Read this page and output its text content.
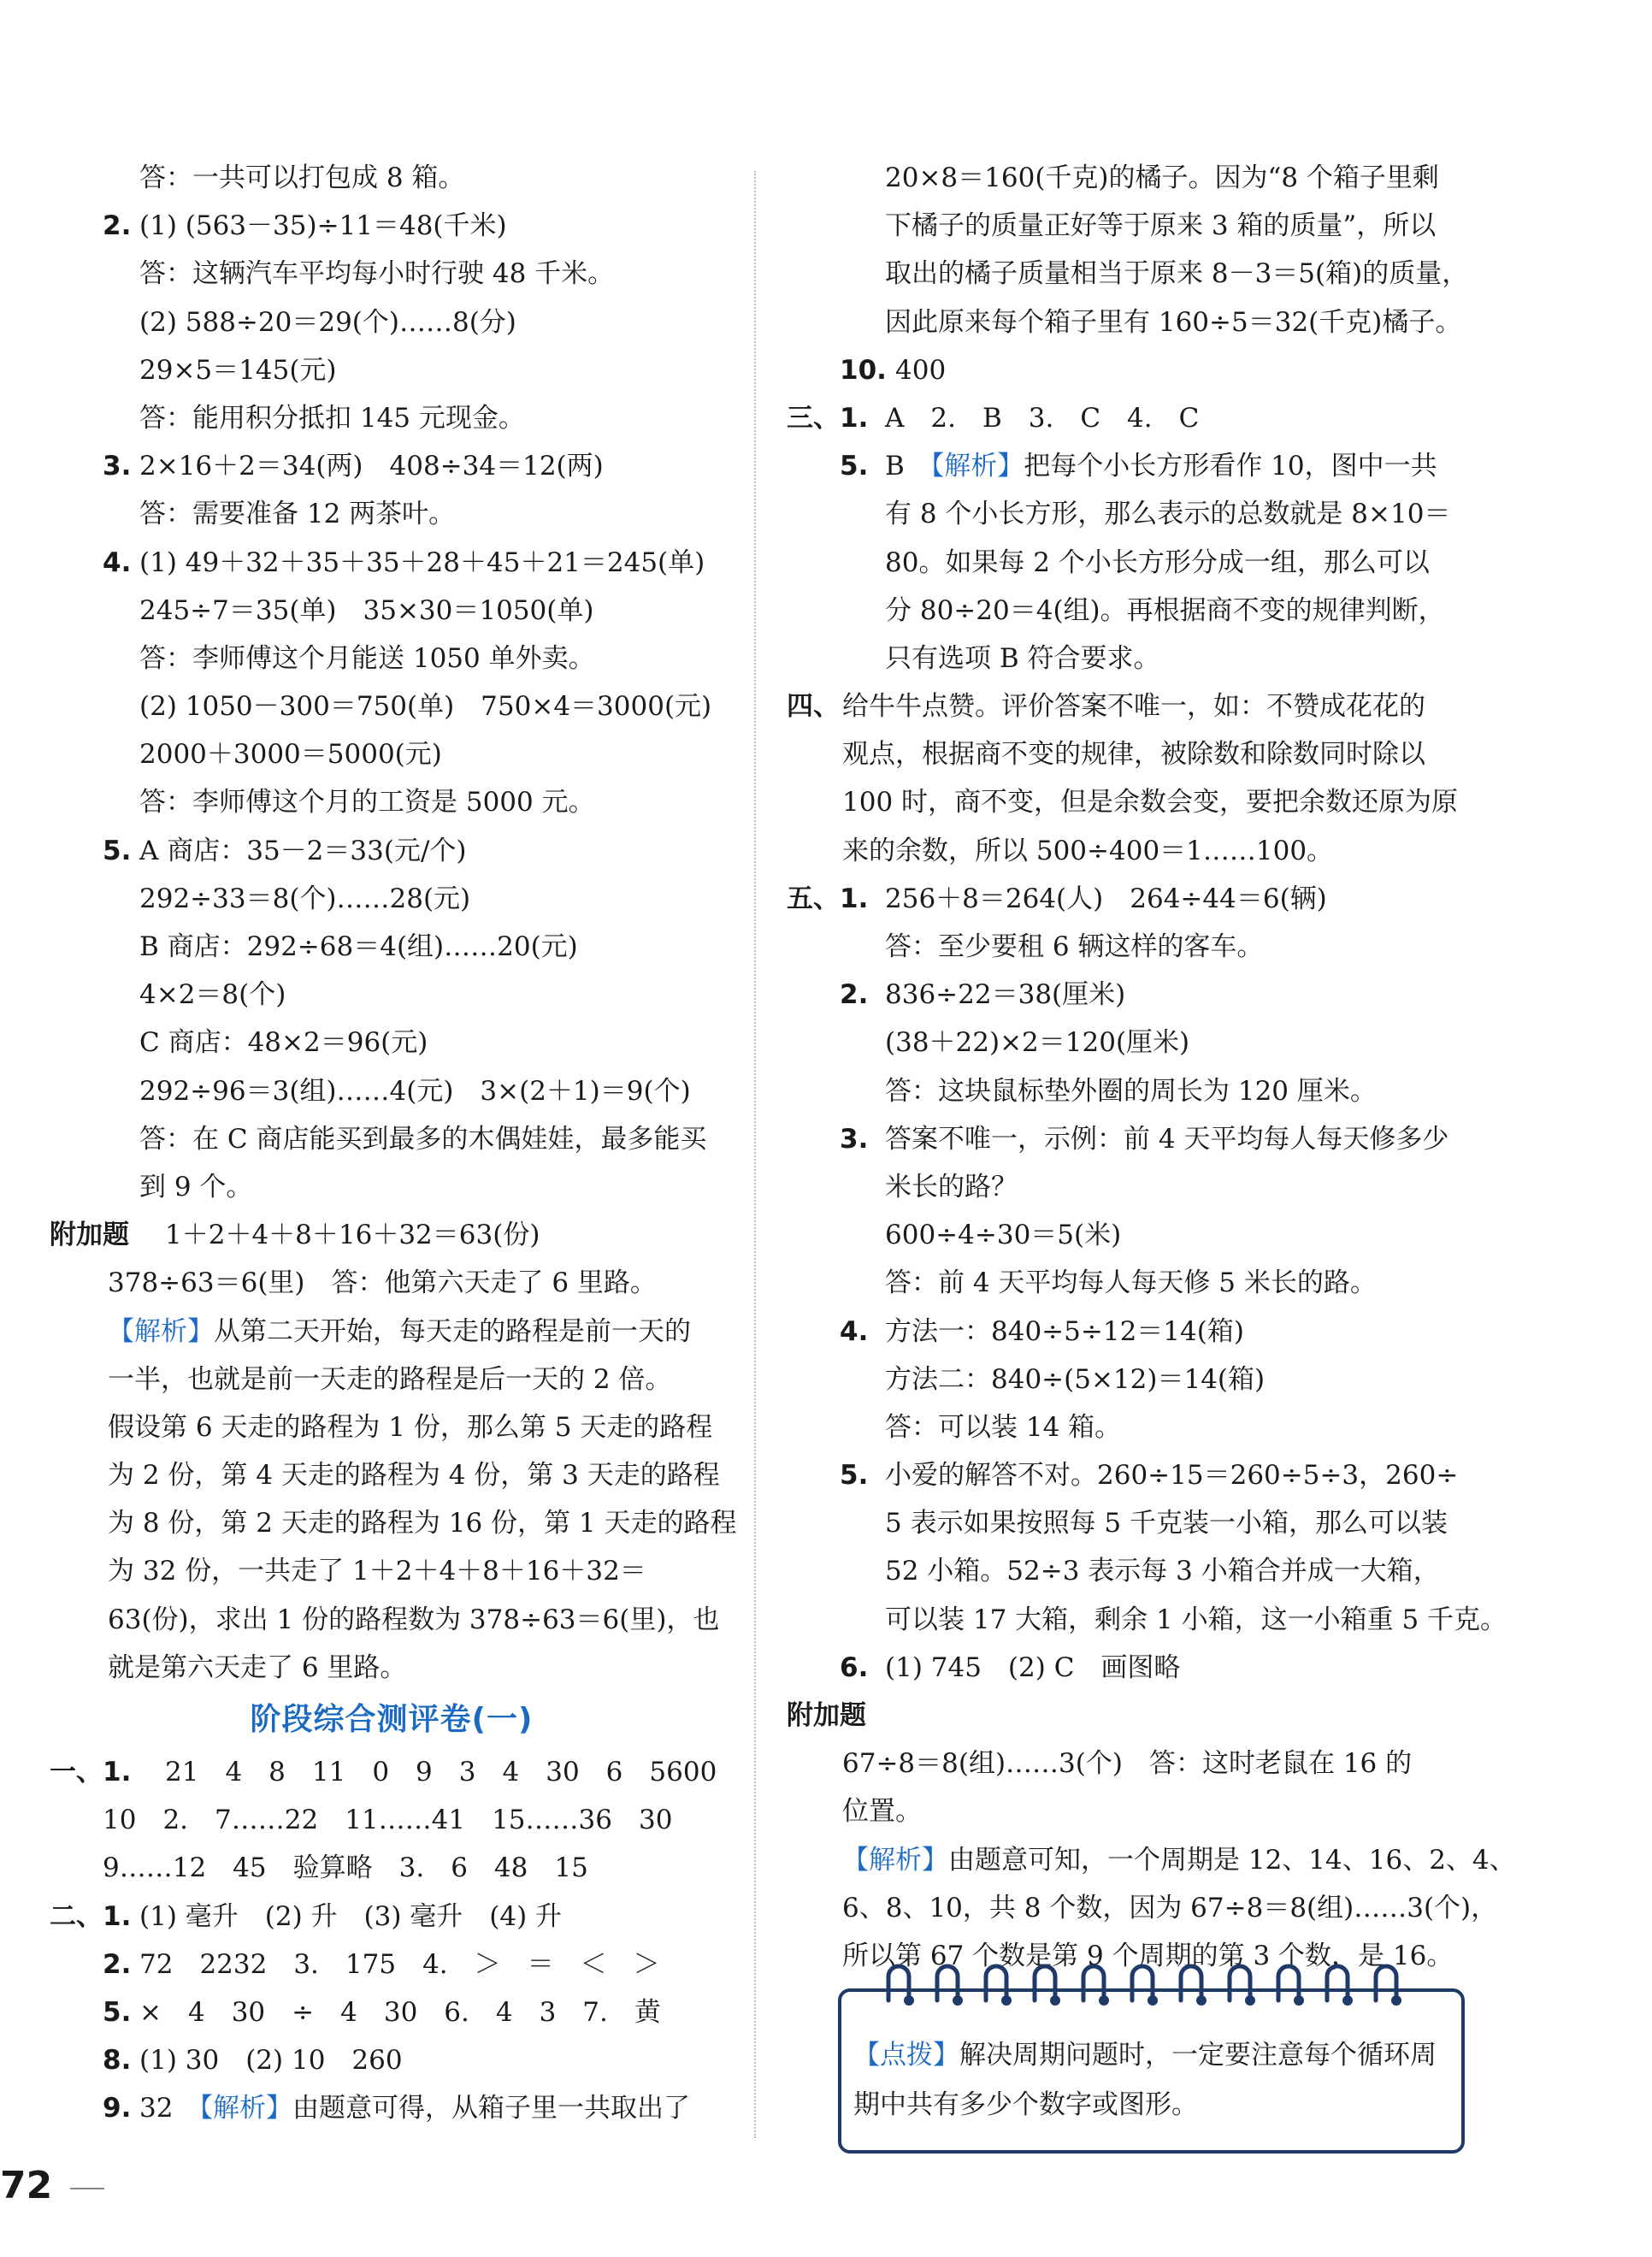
答：一共可以打包成 8 箱。
2. (1) (563－35)÷11＝48(千米)
答：这辆汽车平均每小时行驶 48 千米。
(2) 588÷20＝29(个)……8(分)
29×5＝145(元)
答：能用积分抵扣 145 元现金。
3. 2×16＋2＝34(两)　408÷34＝12(两)
答：需要准备 12 两茶叶。
4. (1) 49＋32＋35＋35＋28＋45＋21＝245(单)
245÷7＝35(单)　35×30＝1050(单)
答：李师傅这个月能送 1050 单外卖。
(2) 1050－300＝750(单)　750×4＝3000(元)
2000＋3000＝5000(元)
答：李师傅这个月的工资是 5000 元。
5. A 商店：35－2＝33(元/个)
292÷33＝8(个)……28(元)
B 商店：292÷68＝4(组)……20(元)
4×2＝8(个)
C 商店：48×2＝96(元)
292÷96＝3(组)……4(元)　3×(2＋1)＝9(个)
答：在 C 商店能买到最多的木偶娃娃，最多能买
到 9 个。
附加题 1＋2＋4＋8＋16＋32＝63(份)
378÷63＝6(里)　答：他第六天走了 6 里路。
【解析】从第二天开始，每天走的路程是前一天的
一半，也就是前一天走的路程是后一天的 2 倍。
假设第 6 天走的路程为 1 份，那么第 5 天走的路程
为 2 份，第 4 天走的路程为 4 份，第 3 天走的路程
为 8 份，第 2 天走的路程为 16 份，第 1 天走的路程
为 32 份，一共走了 1＋2＋4＋8＋16＋32＝
63(份)，求出 1 份的路程数为 378÷63＝6(里)，也
就是第六天走了 6 里路。
阶段综合测评卷(一)
一、 1. 21　4　8　11　0　9　3　4　30　6　5600
10　2.　7……22　11……41　15……36　30
9……12　45　验算略　3.　6　48　15
二、 1. (1) 毫升　(2) 升　(3) 毫升　(4) 升
2. 72　2232　3.　175　4.　＞　＝　＜　＞
5. ×　4　30　÷　4　30　6.　4　3　7.　黄
8. (1) 30　(2) 10　260
9. 32　 【解析】由题意可得，从箱子里一共取出了
20×8＝160(千克)的橘子。因为“8 个箱子里剩
下橘子的质量正好等于原来 3 箱的质量”，所以
取出的橘子质量相当于原来 8－3＝5(箱)的质量，
因此原来每个箱子里有 160÷5＝32(千克)橘子。
10. 400
三、 1. A　2.　B　3.　C　4.　C
5. B　 【解析】把每个小长方形看作 10，图中一共
有 8 个小长方形，那么表示的总数就是 8×10＝
80。如果每 2 个小长方形分成一组，那么可以
分 80÷20＝4(组)。再根据商不变的规律判断，
只有选项 B 符合要求。
四、 给牛牛点赞。评价答案不唯一，如：不赞成花花的
观点，根据商不变的规律，被除数和除数同时除以
100 时，商不变，但是余数会变，要把余数还原为原
来的余数，所以 500÷400＝1……100。
五、 1. 256＋8＝264(人)　264÷44＝6(辆)
答：至少要租 6 辆这样的客车。
2. 836÷22＝38(厘米)
(38＋22)×2＝120(厘米)
答：这块鼠标垫外圈的周长为 120 厘米。
3. 答案不唯一，示例：前 4 天平均每人每天修多少
米长的路？
600÷4÷30＝5(米)
答：前 4 天平均每人每天修 5 米长的路。
4. 方法一：840÷5÷12＝14(箱)
方法二：840÷(5×12)＝14(箱)
答：可以装 14 箱。
5. 小爱的解答不对。260÷15＝260÷5÷3，260÷
5 表示如果按照每 5 千克装一小箱，那么可以装
52 小箱。52÷3 表示每 3 小箱合并成一大箱，
可以装 17 大箱，剩余 1 小箱，这一小箱重 5 千克。
6. (1) 745　(2) C　画图略
附加题
67÷8＝8(组)……3(个)　答：这时老鼠在 16 的
位置。
【解析】由题意可知，一个周期是 12、14、16、2、4、
6、8、10，共 8 个数，因为 67÷8＝8(组)……3(个)，
所以第 67 个数是第 9 个周期的第 3 个数，是 16。
【点拨】解决周期问题时，一定要注意每个循环周期中共有多少个数字或图形。
72
